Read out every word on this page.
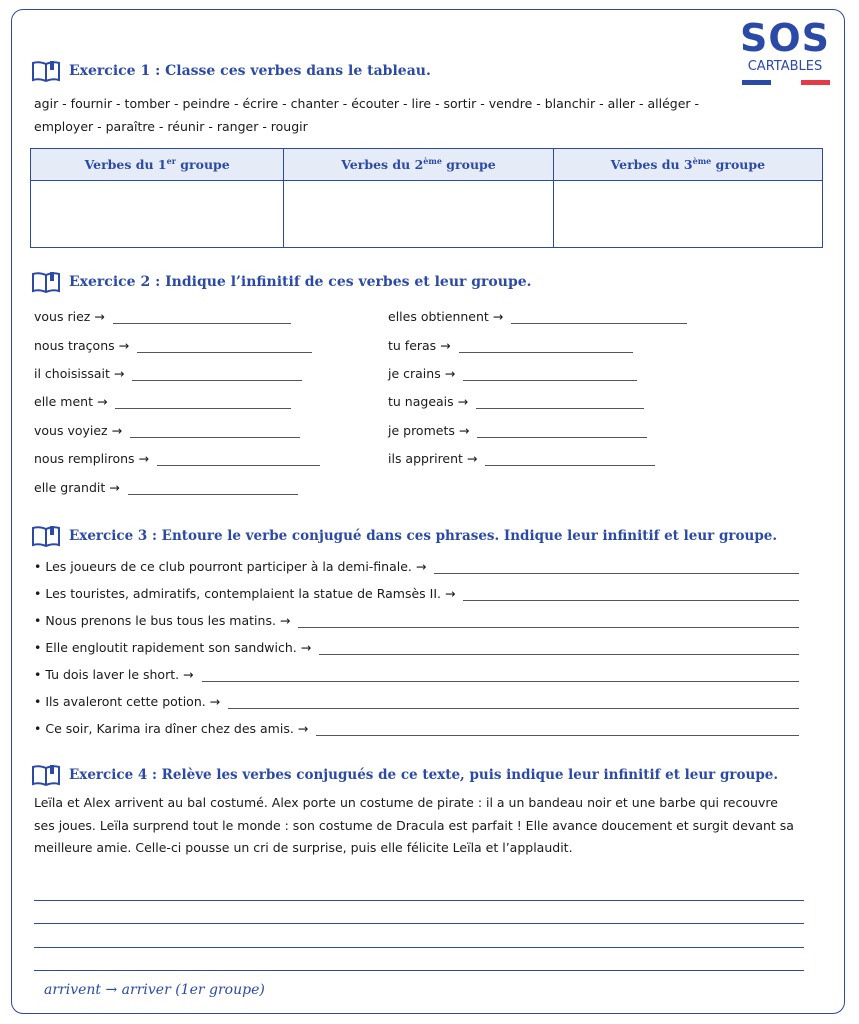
SOS
CARTABLES
Exercice 1 : Classe ces verbes dans le tableau.
agir - fournir - tomber - peindre - écrire - chanter - écouter - lire - sortir - vendre - blanchir - aller - alléger -
employer - paraître - réunir - ranger - rougir
Verbes du 1er groupe	Verbes du 2ème groupe	Verbes du 3ème groupe

Exercice 2 : Indique l’infinitif de ces verbes et leur groupe.
vous riez →
nous traçons →
il choisissait →
elle ment →
vous voyiez →
nous remplirons →
elle grandit →
elles obtiennent →
tu feras →
je crains →
tu nageais →
je promets →
ils apprirent →
Exercice 3 : Entoure le verbe conjugué dans ces phrases. Indique leur infinitif et leur groupe.
• Les joueurs de ce club pourront participer à la demi-finale. →
• Les touristes, admiratifs, contemplaient la statue de Ramsès II. →
• Nous prenons le bus tous les matins. →
• Elle engloutit rapidement son sandwich. →
• Tu dois laver le short. →
• Ils avaleront cette potion. →
• Ce soir, Karima ira dîner chez des amis. →
Exercice 4 : Relève les verbes conjugués de ce texte, puis indique leur infinitif et leur groupe.
Leïla et Alex arrivent au bal costumé. Alex porte un costume de pirate : il a un bandeau noir et une barbe qui recouvre ses joues. Leïla surprend tout le monde : son costume de Dracula est parfait ! Elle avance doucement et surgit devant sa meilleure amie. Celle-ci pousse un cri de surprise, puis elle félicite Leïla et l’applaudit.
arrivent → arriver (1er groupe)
